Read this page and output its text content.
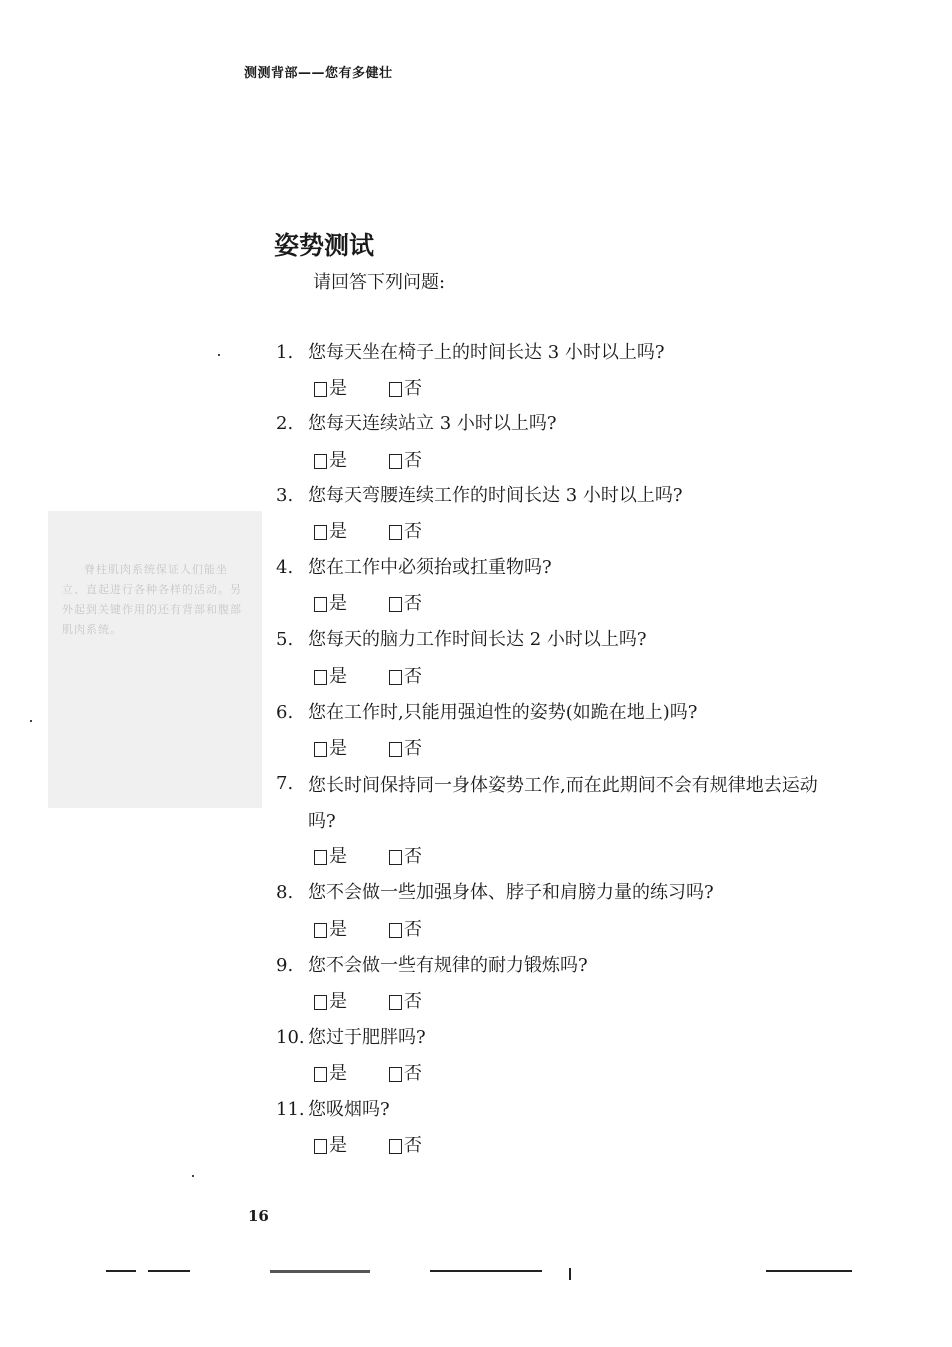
测测背部——您有多健壮
姿势测试
请回答下列问题:
脊柱肌肉系统保证人们能坐立、直起进行各种各样的活动。另外起到关键作用的还有背部和腹部肌肉系统。
1. 您每天坐在椅子上的时间长达 3 小时以上吗?
是	否
2. 您每天连续站立 3 小时以上吗?
是	否
3. 您每天弯腰连续工作的时间长达 3 小时以上吗?
是	否
4. 您在工作中必须抬或扛重物吗?
是	否
5. 您每天的脑力工作时间长达 2 小时以上吗?
是	否
6. 您在工作时,只能用强迫性的姿势(如跪在地上)吗?
是	否
7. 您长时间保持同一身体姿势工作,而在此期间不会有规律地去运动吗?
是	否
8. 您不会做一些加强身体、脖子和肩膀力量的练习吗?
是	否
9. 您不会做一些有规律的耐力锻炼吗?
是	否
10. 您过于肥胖吗?
是	否
11. 您吸烟吗?
是	否
16
